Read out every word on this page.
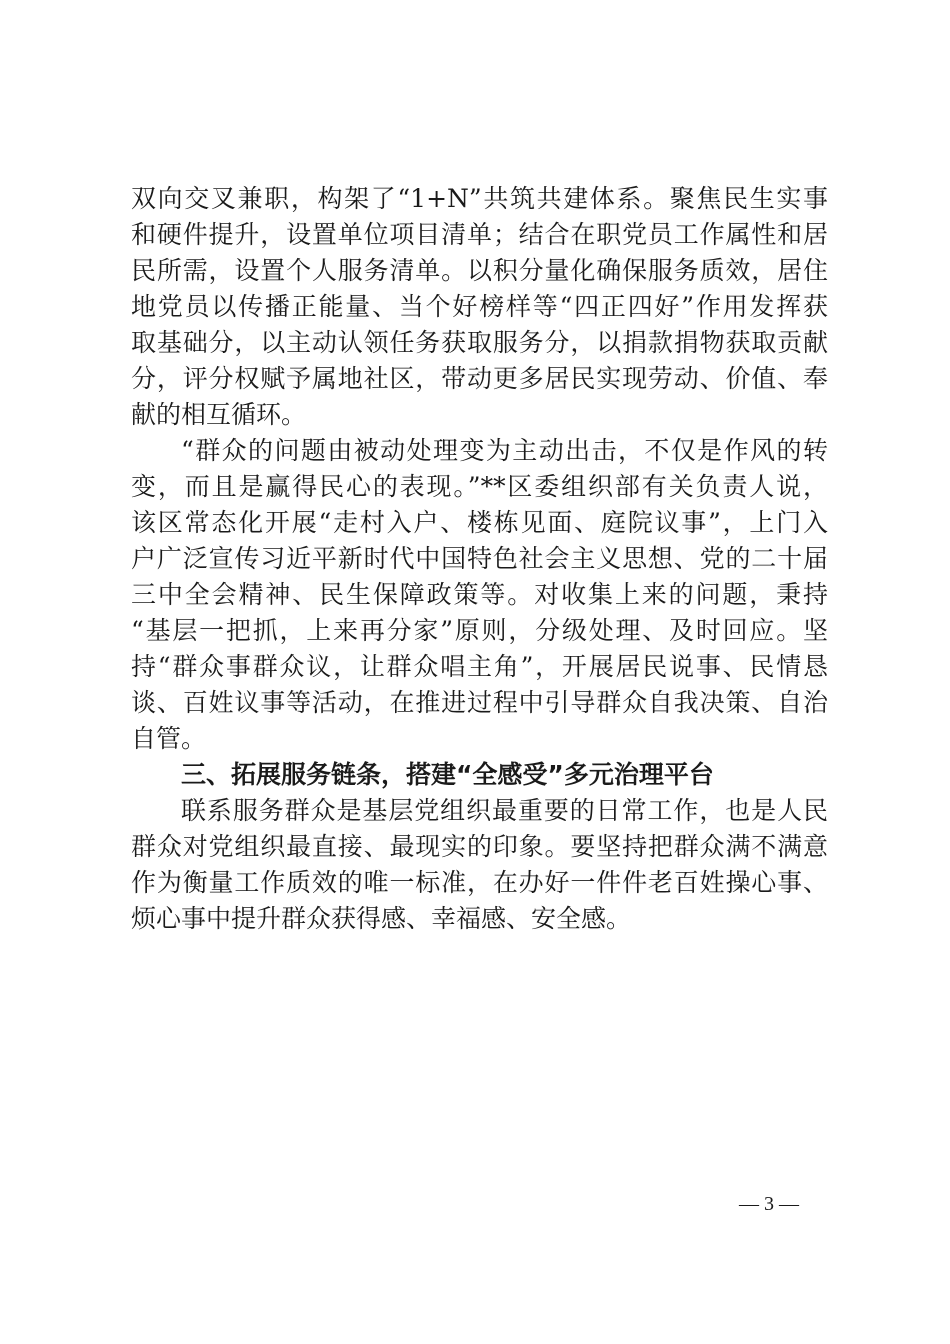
双向交叉兼职，构架了“1+N”共筑共建体系。聚焦民生实事
和硬件提升，设置单位项目清单；结合在职党员工作属性和居
民所需，设置个人服务清单。以积分量化确保服务质效，居住
地党员以传播正能量、当个好榜样等“四正四好”作用发挥获
取基础分，以主动认领任务获取服务分，以捐款捐物获取贡献
分，评分权赋予属地社区，带动更多居民实现劳动、价值、奉
献的相互循环。
“群众的问题由被动处理变为主动出击，不仅是作风的转
变，而且是赢得民心的表现。”**区委组织部有关负责人说，
该区常态化开展“走村入户、楼栋见面、庭院议事”，上门入
户广泛宣传习近平新时代中国特色社会主义思想、党的二十届
三中全会精神、民生保障政策等。对收集上来的问题，秉持
“基层一把抓，上来再分家”原则，分级处理、及时回应。坚
持“群众事群众议，让群众唱主角”，开展居民说事、民情恳
谈、百姓议事等活动，在推进过程中引导群众自我决策、自治
自管。
三、拓展服务链条，搭建“全感受”多元治理平台
联系服务群众是基层党组织最重要的日常工作，也是人民
群众对党组织最直接、最现实的印象。要坚持把群众满不满意
作为衡量工作质效的唯一标准，在办好一件件老百姓操心事、
烦心事中提升群众获得感、幸福感、安全感。
— 3 —
